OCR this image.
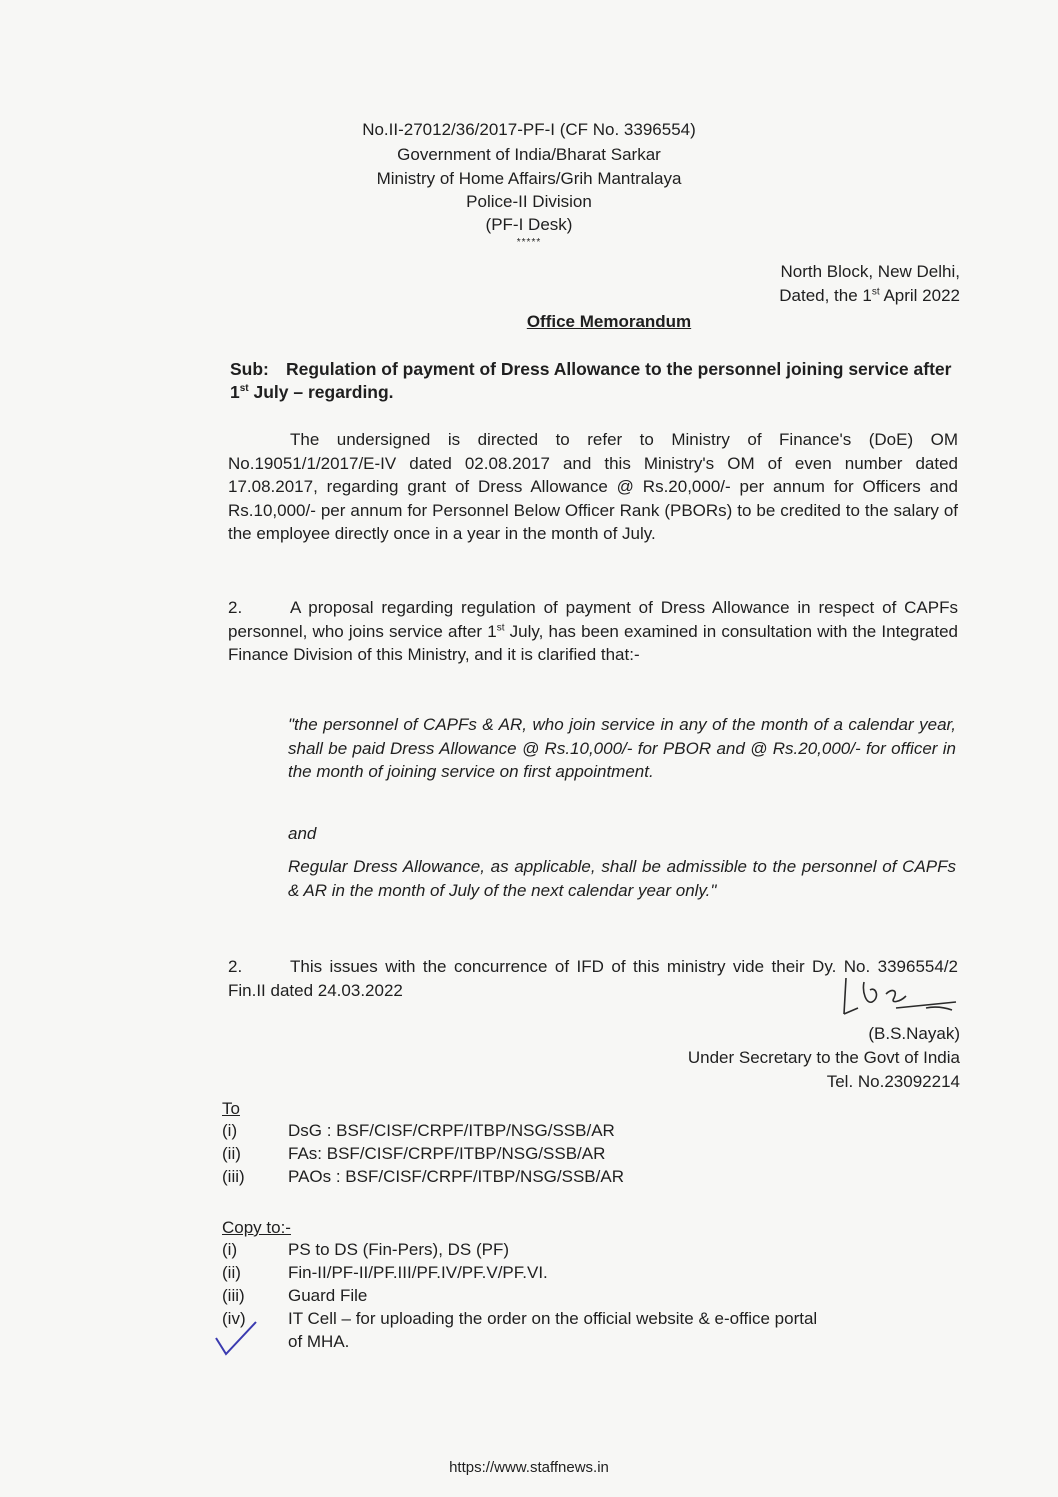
No.II-27012/36/2017-PF-I (CF No. 3396554)
Government of India/Bharat Sarkar
Ministry of Home Affairs/Grih Mantralaya
Police-II Division
(PF-I Desk)
*****
North Block, New Delhi,
Dated, the 1st April 2022
Office Memorandum
Sub: Regulation of payment of Dress Allowance to the personnel joining service after 1st July – regarding.
The undersigned is directed to refer to Ministry of Finance's (DoE) OM No.19051/1/2017/E-IV dated 02.08.2017 and this Ministry's OM of even number dated 17.08.2017, regarding grant of Dress Allowance @ Rs.20,000/- per annum for Officers and Rs.10,000/- per annum for Personnel Below Officer Rank (PBORs) to be credited to the salary of the employee directly once in a year in the month of July.
2.	A proposal regarding regulation of payment of Dress Allowance in respect of CAPFs personnel, who joins service after 1st July, has been examined in consultation with the Integrated Finance Division of this Ministry, and it is clarified that:-
"the personnel of CAPFs & AR, who join service in any of the month of a calendar year, shall be paid Dress Allowance @ Rs.10,000/- for PBOR and @ Rs.20,000/- for officer in the month of joining service on first appointment.
and
Regular Dress Allowance, as applicable, shall be admissible to the personnel of CAPFs & AR in the month of July of the next calendar year only."
2.	This issues with the concurrence of IFD of this ministry vide their Dy. No. 3396554/2 Fin.II dated 24.03.2022
(B.S.Nayak)
Under Secretary to the Govt of India
Tel. No.23092214
To
(i)	DsG : BSF/CISF/CRPF/ITBP/NSG/SSB/AR
(ii)	FAs: BSF/CISF/CRPF/ITBP/NSG/SSB/AR
(iii)	PAOs : BSF/CISF/CRPF/ITBP/NSG/SSB/AR
Copy to:-
(i)	PS to DS (Fin-Pers), DS (PF)
(ii)	Fin-II/PF-II/PF.III/PF.IV/PF.V/PF.VI.
(iii)	Guard File
(iv)	IT Cell – for uploading the order on the official website & e-office portal
of MHA.
https://www.staffnews.in
